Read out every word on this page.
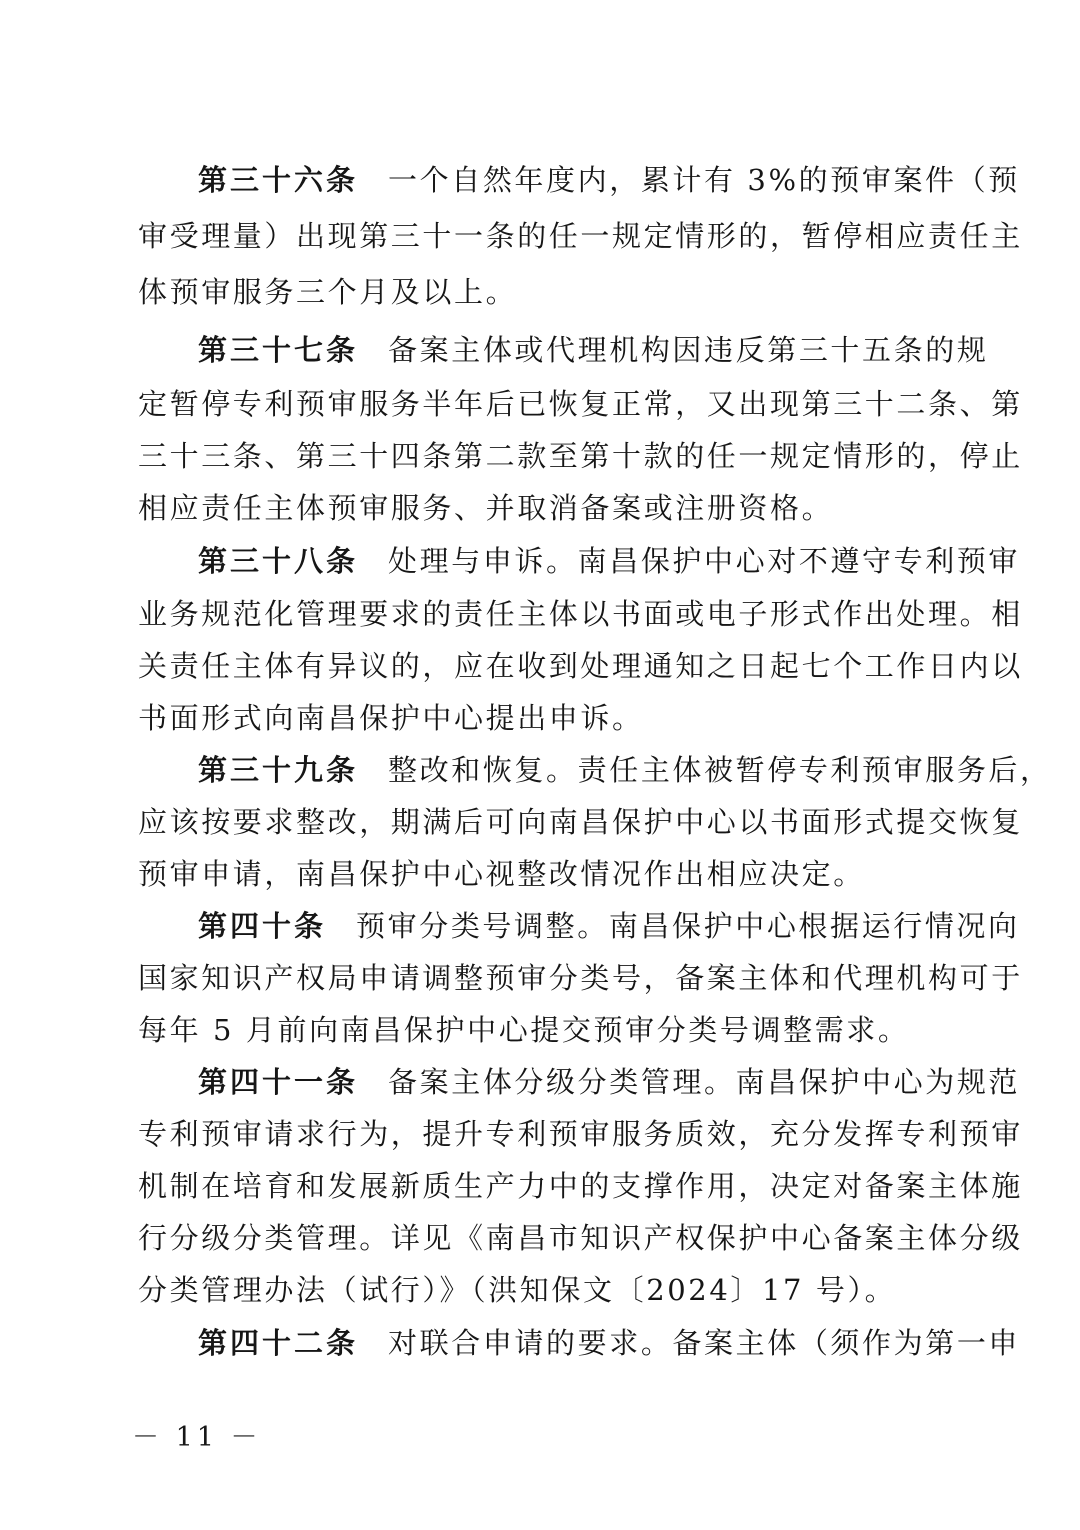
第三十六条 一个自然年度内，累计有 3%的预审案件（预
审受理量）出现第三十一条的任一规定情形的，暂停相应责任主
体预审服务三个月及以上。
第三十七条 备案主体或代理机构因违反第三十五条的规
定暂停专利预审服务半年后已恢复正常，又出现第三十二条、第
三十三条、第三十四条第二款至第十款的任一规定情形的，停止
相应责任主体预审服务、并取消备案或注册资格。
第三十八条 处理与申诉。南昌保护中心对不遵守专利预审
业务规范化管理要求的责任主体以书面或电子形式作出处理。相
关责任主体有异议的，应在收到处理通知之日起七个工作日内以
书面形式向南昌保护中心提出申诉。
第三十九条 整改和恢复。责任主体被暂停专利预审服务后，
应该按要求整改，期满后可向南昌保护中心以书面形式提交恢复
预审申请，南昌保护中心视整改情况作出相应决定。
第四十条 预审分类号调整。南昌保护中心根据运行情况向
国家知识产权局申请调整预审分类号，备案主体和代理机构可于
每年 5 月前向南昌保护中心提交预审分类号调整需求。
第四十一条 备案主体分级分类管理。南昌保护中心为规范
专利预审请求行为，提升专利预审服务质效，充分发挥专利预审
机制在培育和发展新质生产力中的支撑作用，决定对备案主体施
行分级分类管理。详见《南昌市知识产权保护中心备案主体分级
分类管理办法（试行）》（洪知保文〔2024〕17 号）。
第四十二条 对联合申请的要求。备案主体（须作为第一申
－ 11 －
